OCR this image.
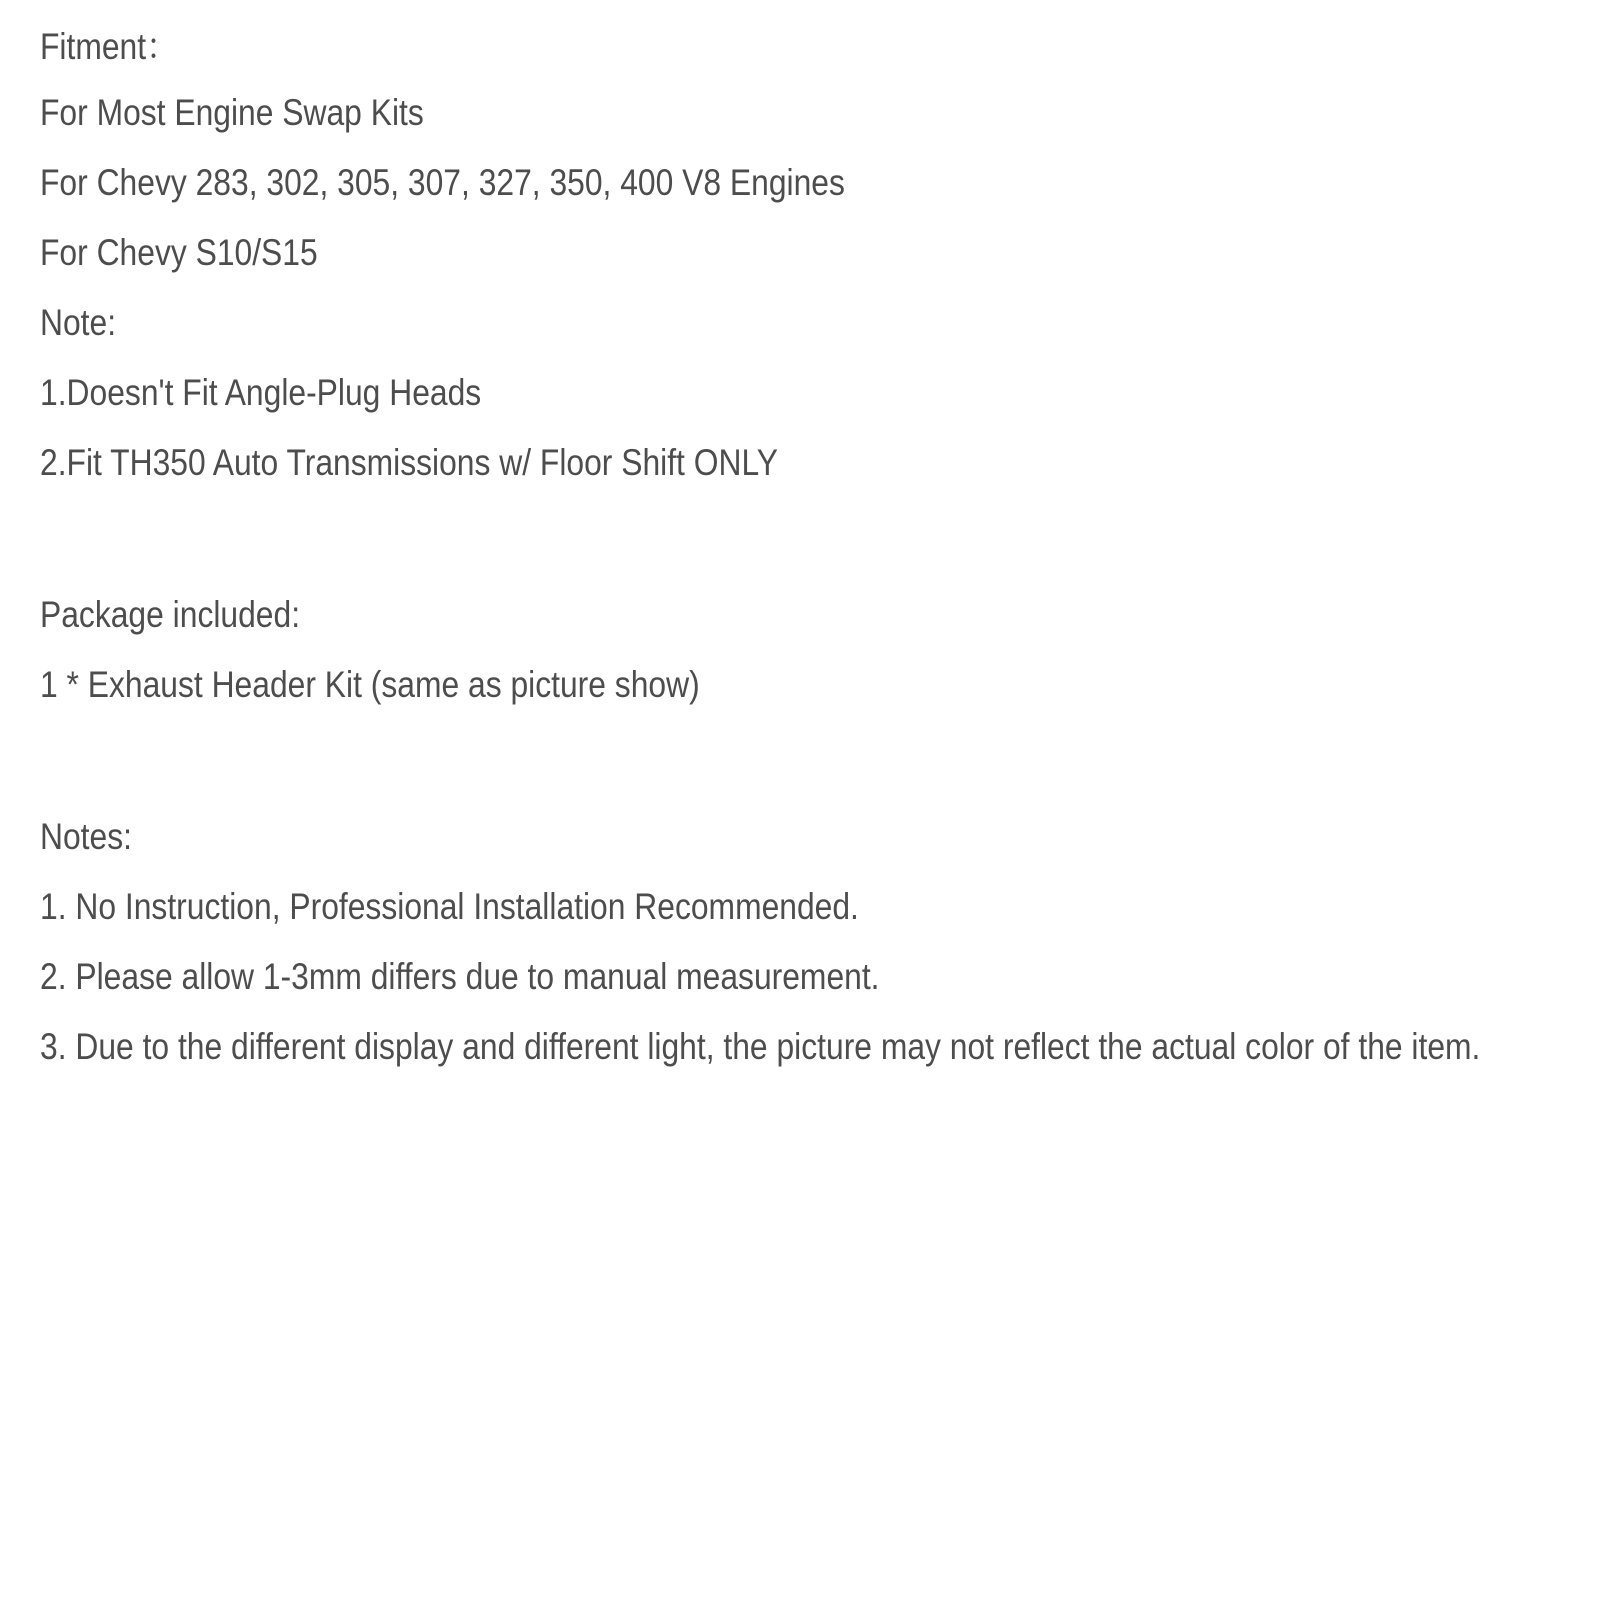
Fitment：
For Most Engine Swap Kits
For Chevy 283, 302, 305, 307, 327, 350, 400 V8 Engines
For Chevy S10/S15
Note:
1.Doesn't Fit Angle-Plug Heads
2.Fit TH350 Auto Transmissions w/ Floor Shift ONLY
Package included:
1 * Exhaust Header Kit (same as picture show)
Notes:
1. No Instruction, Professional Installation Recommended.
2. Please allow 1-3mm differs due to manual measurement.
3. Due to the different display and different light, the picture may not reflect the actual color of the item.
